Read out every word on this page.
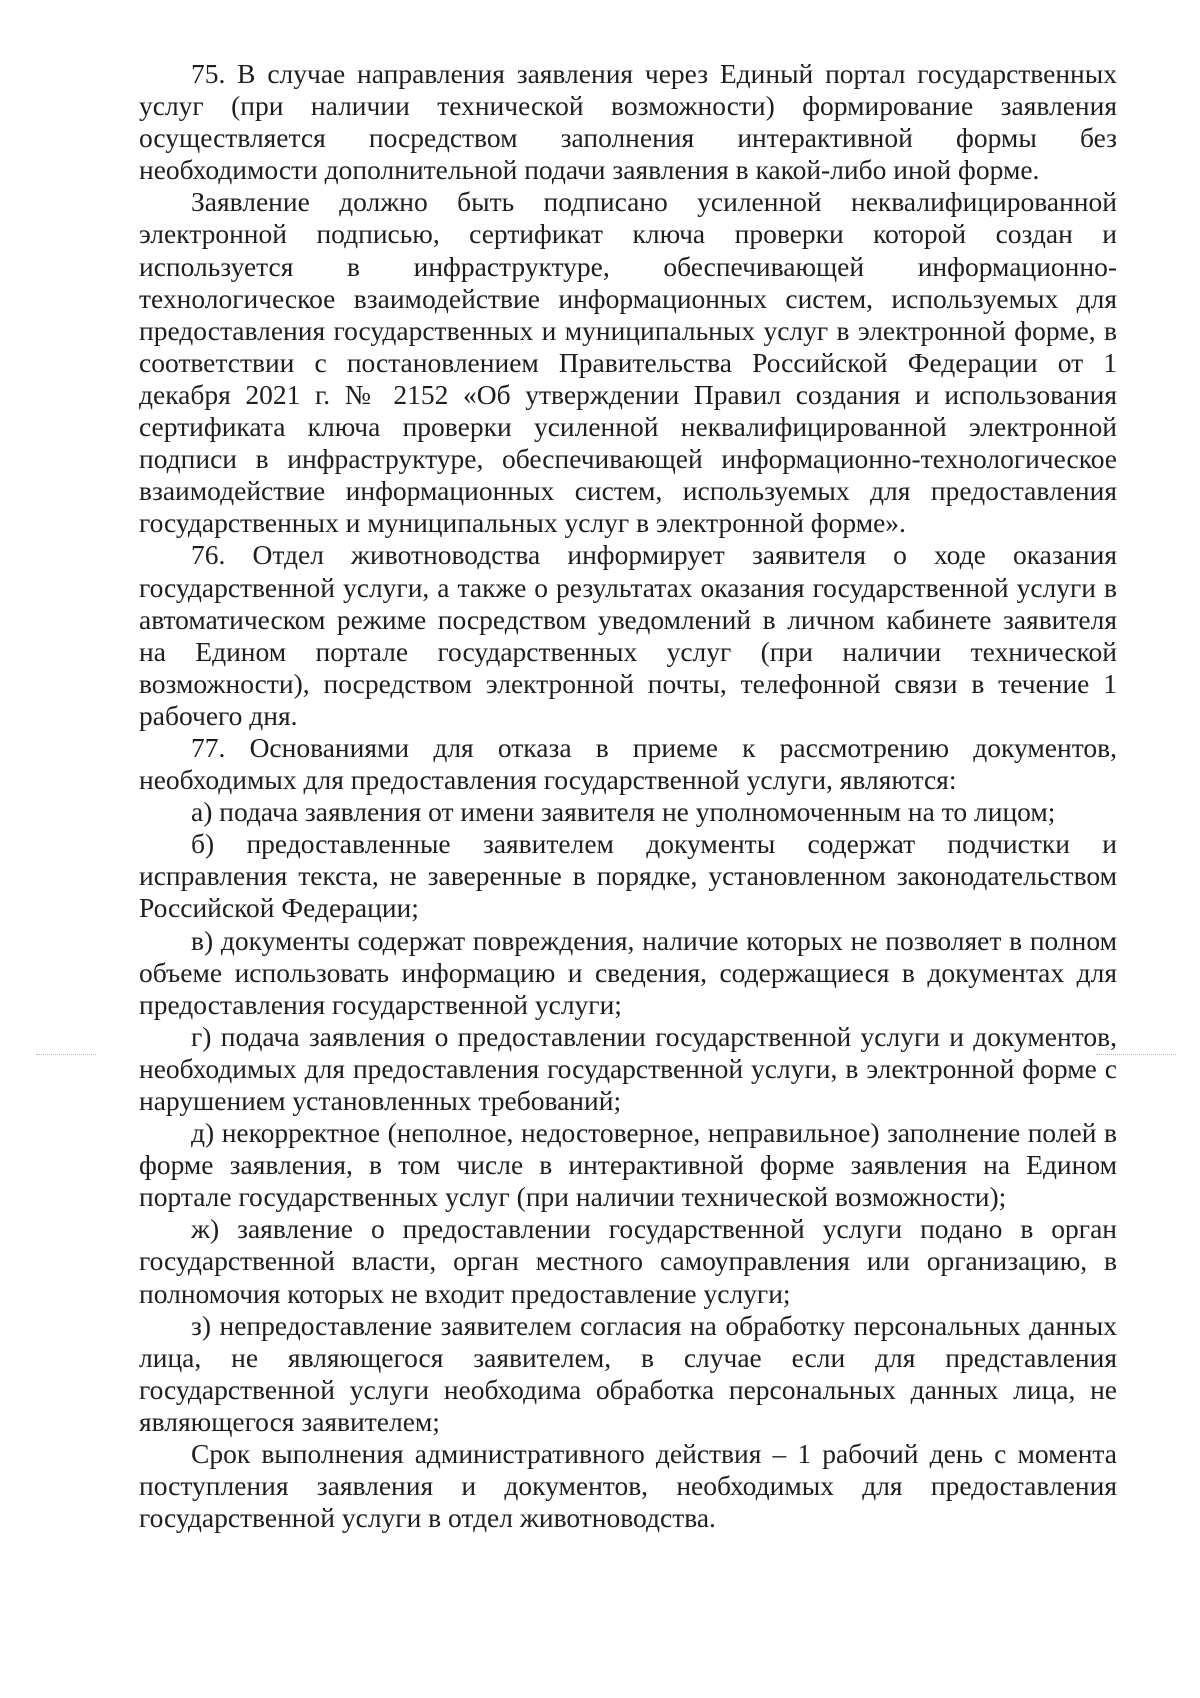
75. В случае направления заявления через Единый портал государственных услуг (при наличии технической возможности) формирование заявления осуществляется посредством заполнения интерактивной формы без необходимости дополнительной подачи заявления в какой-либо иной форме.

Заявление должно быть подписано усиленной неквалифицированной электронной подписью, сертификат ключа проверки которой создан и используется в инфраструктуре, обеспечивающей информационно-технологическое взаимодействие информационных систем, используемых для предоставления государственных и муниципальных услуг в электронной форме, в соответствии с постановлением Правительства Российской Федерации от 1 декабря 2021 г. № 2152 «Об утверждении Правил создания и использования сертификата ключа проверки усиленной неквалифицированной электронной подписи в инфраструктуре, обеспечивающей информационно-технологическое взаимодействие информационных систем, используемых для предоставления государственных и муниципальных услуг в электронной форме».

76. Отдел животноводства информирует заявителя о ходе оказания государственной услуги, а также о результатах оказания государственной услуги в автоматическом режиме посредством уведомлений в личном кабинете заявителя на Едином портале государственных услуг (при наличии технической возможности), посредством электронной почты, телефонной связи в течение 1 рабочего дня.

77. Основаниями для отказа в приеме к рассмотрению документов, необходимых для предоставления государственной услуги, являются:

а) подача заявления от имени заявителя не уполномоченным на то лицом;

б) предоставленные заявителем документы содержат подчистки и исправления текста, не заверенные в порядке, установленном законодательством Российской Федерации;

в) документы содержат повреждения, наличие которых не позволяет в полном объеме использовать информацию и сведения, содержащиеся в документах для предоставления государственной услуги;

г) подача заявления о предоставлении государственной услуги и документов, необходимых для предоставления государственной услуги, в электронной форме с нарушением установленных требований;

д) некорректное (неполное, недостоверное, неправильное) заполнение полей в форме заявления, в том числе в интерактивной форме заявления на Едином портале государственных услуг (при наличии технической возможности);

ж) заявление о предоставлении государственной услуги подано в орган государственной власти, орган местного самоуправления или организацию, в полномочия которых не входит предоставление услуги;

з) непредоставление заявителем согласия на обработку персональных данных лица, не являющегося заявителем, в случае если для представления государственной услуги необходима обработка персональных данных лица, не являющегося заявителем;

Срок выполнения административного действия – 1 рабочий день с момента поступления заявления и документов, необходимых для предоставления государственной услуги в отдел животноводства.
